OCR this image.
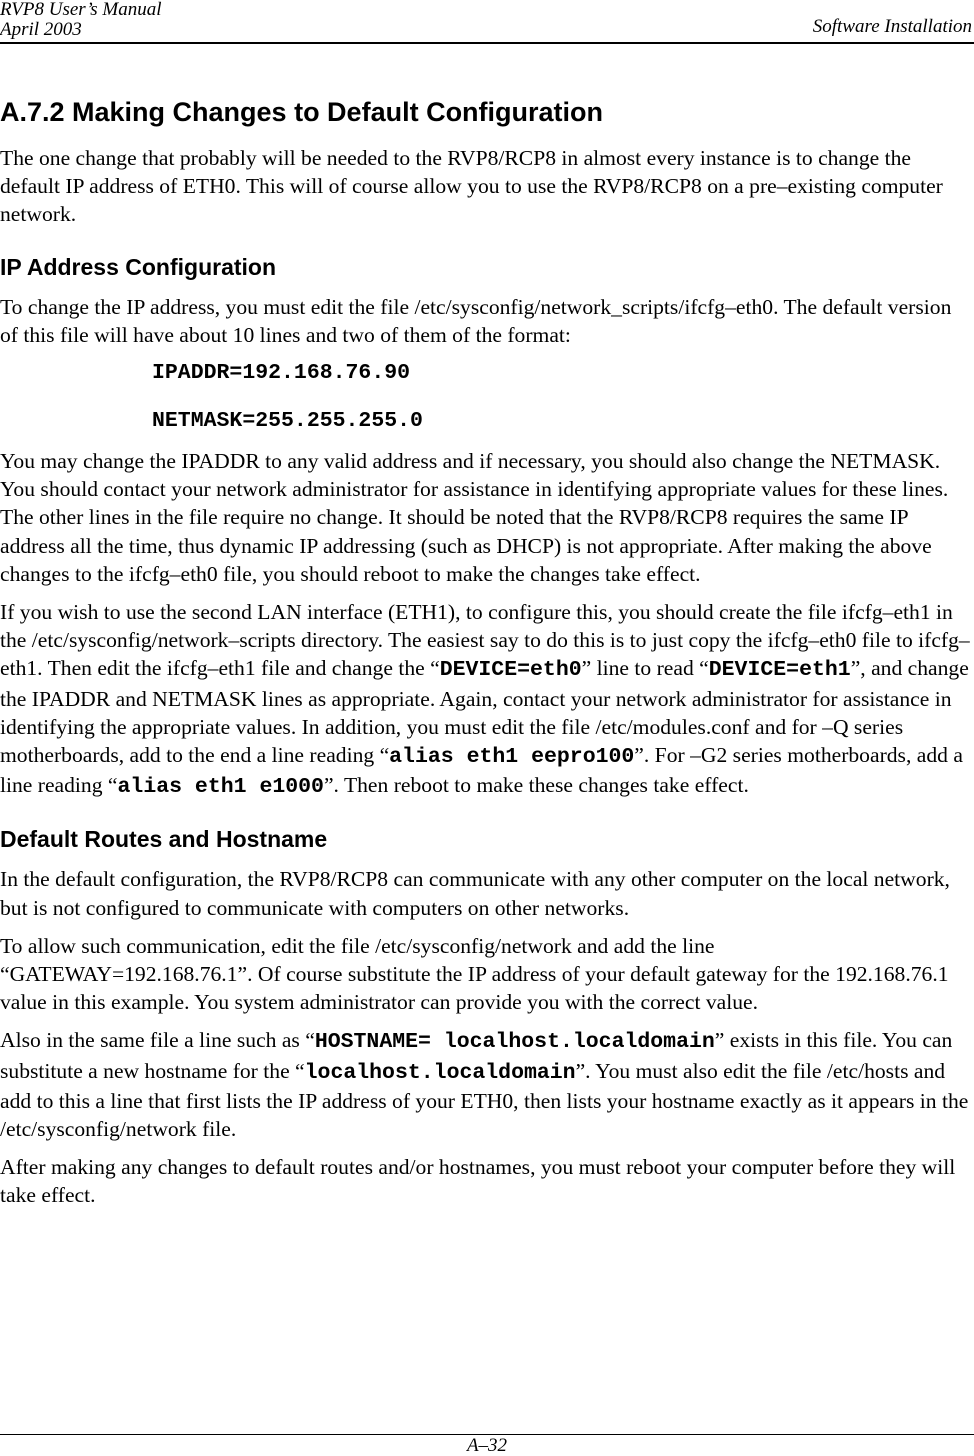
RVP8 User’s Manual
April 2003	Software Installation
A.7.2 Making Changes to Default Configuration

The one change that probably will be needed to the RVP8/RCP8 in almost every instance is to change the default IP address of ETH0. This will of course allow you to use the RVP8/RCP8 on a pre–existing computer network.

IP Address Configuration

To change the IP address, you must edit the file /etc/sysconfig/network_scripts/ifcfg–eth0. The default version of this file will have about 10 lines and two of them of the format:

IPADDR=192.168.76.90
NETMASK=255.255.255.0

You may change the IPADDR to any valid address and if necessary, you should also change the NETMASK. You should contact your network administrator for assistance in identifying appropriate values for these lines. The other lines in the file require no change. It should be noted that the RVP8/RCP8 requires the same IP address all the time, thus dynamic IP addressing (such as DHCP) is not appropriate. After making the above changes to the ifcfg–eth0 file, you should reboot to make the changes take effect.

If you wish to use the second LAN interface (ETH1), to configure this, you should create the file ifcfg–eth1 in the /etc/sysconfig/network–scripts directory. The easiest say to do this is to just copy the ifcfg–eth0 file to ifcfg–eth1. Then edit the ifcfg–eth1 file and change the “DEVICE=eth0” line to read “DEVICE=eth1”, and change the IPADDR and NETMASK lines as appropriate. Again, contact your network administrator for assistance in identifying the appropriate values. In addition, you must edit the file /etc/modules.conf and for –Q series motherboards, add to the end a line reading “alias eth1 eepro100”. For –G2 series motherboards, add a line reading “alias eth1 e1000”. Then reboot to make these changes take effect.

Default Routes and Hostname

In the default configuration, the RVP8/RCP8 can communicate with any other computer on the local network, but is not configured to communicate with computers on other networks.

To allow such communication, edit the file /etc/sysconfig/network and add the line “GATEWAY=192.168.76.1”. Of course substitute the IP address of your default gateway for the 192.168.76.1 value in this example. You system administrator can provide you with the correct value.

Also in the same file a line such as “HOSTNAME= localhost.localdomain” exists in this file. You can substitute a new hostname for the “localhost.localdomain”. You must also edit the file /etc/hosts and add to this a line that first lists the IP address of your ETH0, then lists your hostname exactly as it appears in the /etc/sysconfig/network file.

After making any changes to default routes and/or hostnames, you must reboot your computer before they will take effect.

A–32
